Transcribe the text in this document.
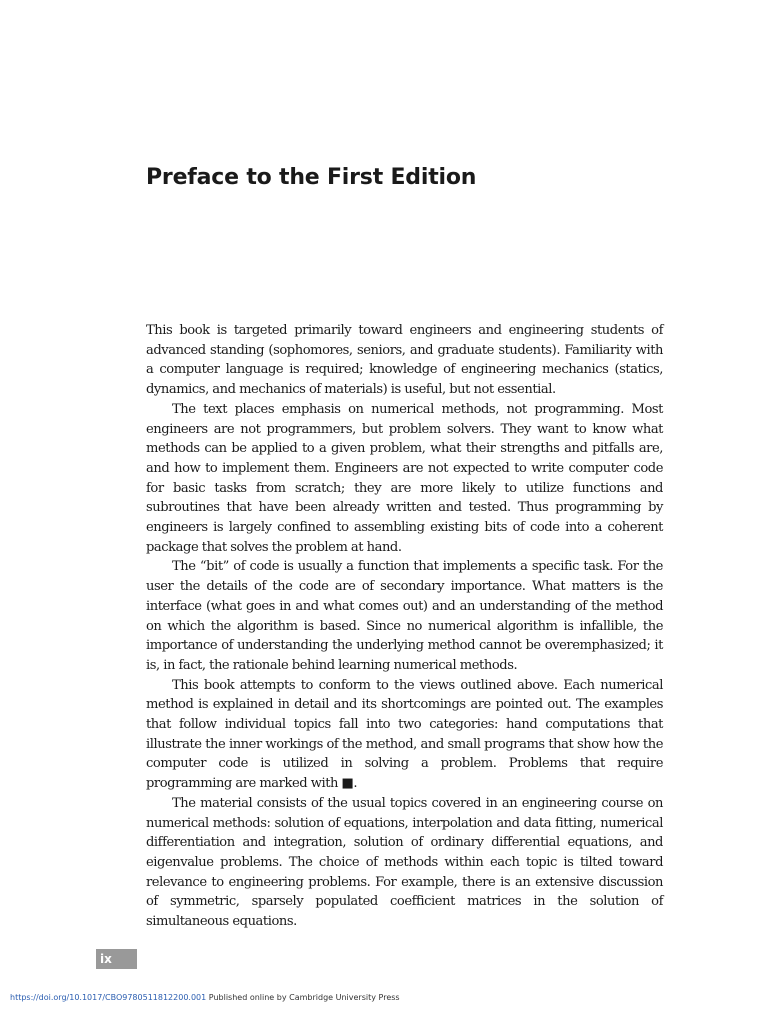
Preface to the First Edition

This book is targeted primarily toward engineers and engineering students of advanced standing (sophomores, seniors, and graduate students). Familiarity with a computer language is required; knowledge of engineering mechanics (statics, dynamics, and mechanics of materials) is useful, but not essential.

The text places emphasis on numerical methods, not programming. Most engineers are not programmers, but problem solvers. They want to know what methods can be applied to a given problem, what their strengths and pitfalls are, and how to implement them. Engineers are not expected to write computer code for basic tasks from scratch; they are more likely to utilize functions and subroutines that have been already written and tested. Thus programming by engineers is largely confined to assembling existing bits of code into a coherent package that solves the problem at hand.

The “bit” of code is usually a function that implements a specific task. For the user the details of the code are of secondary importance. What matters is the interface (what goes in and what comes out) and an understanding of the method on which the algorithm is based. Since no numerical algorithm is infallible, the importance of understanding the underlying method cannot be overemphasized; it is, in fact, the rationale behind learning numerical methods.

This book attempts to conform to the views outlined above. Each numerical method is explained in detail and its shortcomings are pointed out. The examples that follow individual topics fall into two categories: hand computations that illustrate the inner workings of the method, and small programs that show how the computer code is utilized in solving a problem. Problems that require programming are marked with ■.

The material consists of the usual topics covered in an engineering course on numerical methods: solution of equations, interpolation and data fitting, numerical differentiation and integration, solution of ordinary differential equations, and eigenvalue problems. The choice of methods within each topic is tilted toward relevance to engineering problems. For example, there is an extensive discussion of symmetric, sparsely populated coefficient matrices in the solution of simultaneous equations.

ix
https://doi.org/10.1017/CBO9780511812200.001 Published online by Cambridge University Press
